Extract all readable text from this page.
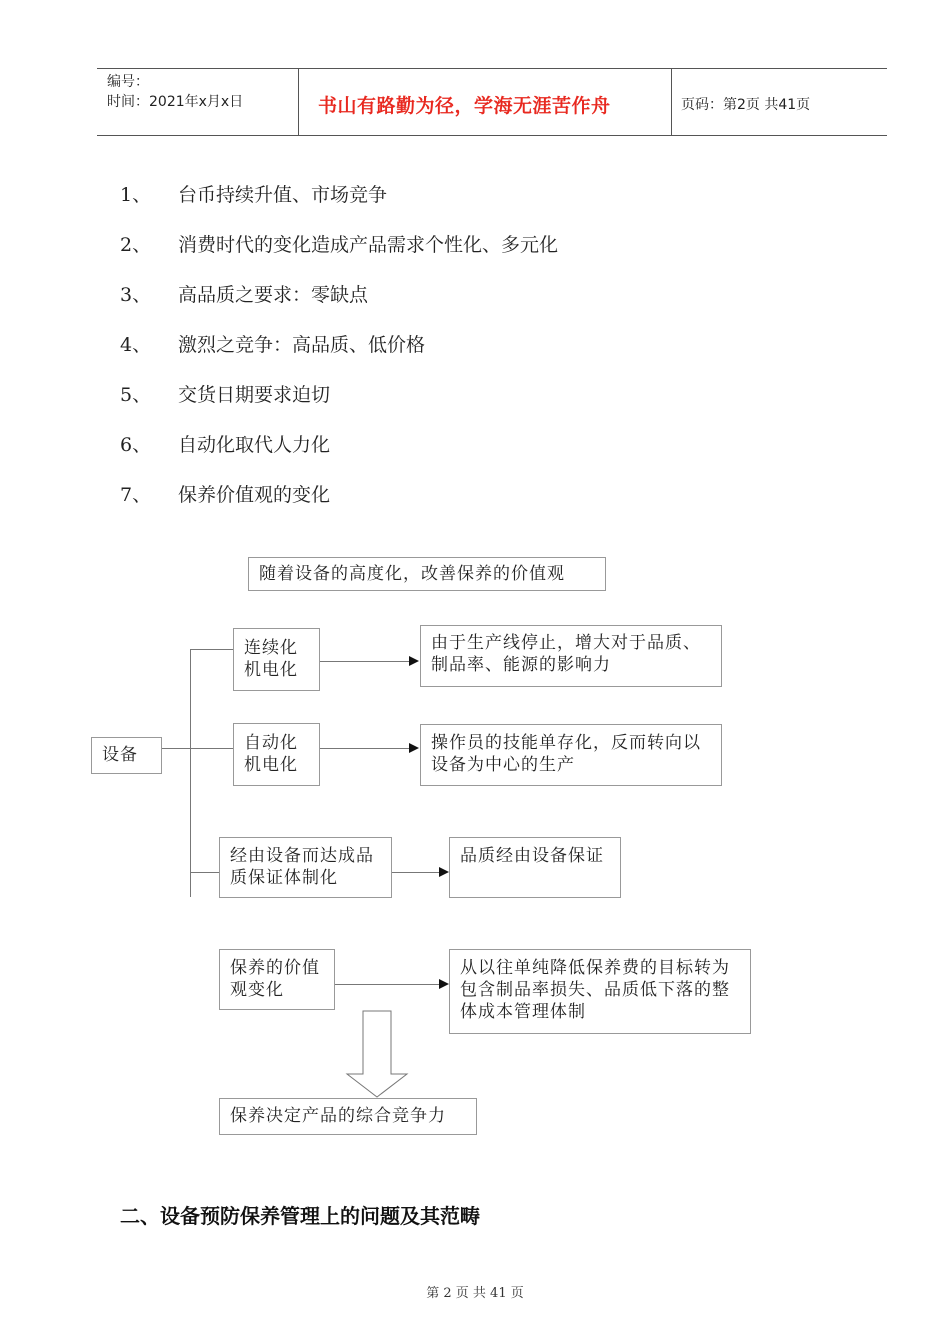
编号：
时间：2021年x月x日	书山有路勤为径，学海无涯苦作舟	页码：第2页 共41页
1、 台币持续升值、市场竞争
2、 消费时代的变化造成产品需求个性化、多元化
3、 高品质之要求：零缺点
4、 激烈之竞争：高品质、低价格
5、 交货日期要求迫切
6、 自动化取代人力化
7、 保养价值观的变化
随着设备的高度化，改善保养的价值观
设备
连续化机电化
由于生产线停止，增大对于品质、制品率、能源的影响力
自动化机电化
操作员的技能单存化，反而转向以设备为中心的生产
经由设备而达成品质保证体制化
品质经由设备保证
保养的价值观变化
从以往单纯降低保养费的目标转为包含制品率损失、品质低下落的整体成本管理体制
保养决定产品的综合竞争力
二、设备预防保养管理上的问题及其范畴
第 2 页 共 41 页
